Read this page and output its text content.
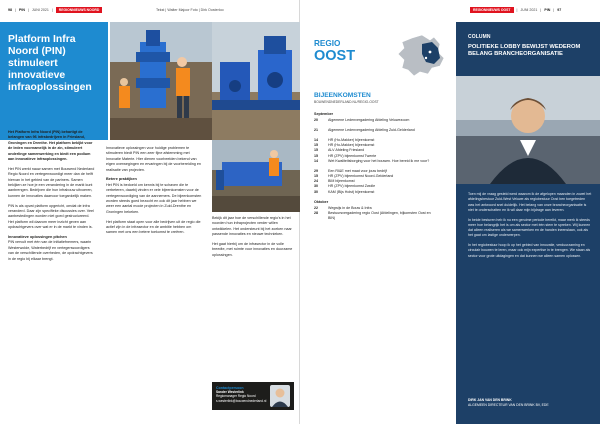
98 | PIN | JUNI 2021 |	REGIONNIEUWS NOORD	Tekst | Walter Majoor Foto | Dirk Oosterloo
Platform Infra Noord (PIN) stimuleert innovatieve infraoplossingen

Het Platform Infra Noord (PIN) behartigt de belangen van 96 infrabedrijven in Friesland, Groningen en Drenthe. Het platform bekijkt voor de leden voornamelijk in de zin, stimuleert onderlinge samenwerking en biedt een podium aan innovatieve infraoplossingen.

Het PIN werkt nauw samen met Bouwend Nederland Regio Noord en vertegenwoordigt meer dan de helft hiervan in het gebied van de partners. Samen bekijken ze hoe je een verandering in de markt kunt aanbrengen. Bedrijven die hun infrabouw uitvoeren, kunnen de innovaties daarvoor toegankelijk maken.

PIN is als opvat platform opgericht, omdat de infra veranderd. Daar zijn specifieke discussies over. Veel aanbestedingen worden niet goed gestructureerd. Het platform wil daarom meer inzicht geven aan opdrachtgevers over wat er in de markt te vinden is.

Innovatieve oplossingen pitchen

PIN vervult met één van de initiatiefnemers, waarin Westerwolde, Waterbedrijf en vertegenwoordigers van de verschillende overheden, de opdrachtgevers in de regio bij elkaar brengt.

Innovatieve oplossingen voor huidige problemen te stimuleren biedt PIN een zeer fijne afstemming met Innovatie Materie. Hier dienen voorbeelden bekend van eigen overwegingen en ervaringen bij de voorbereiding en realisatie van projecten.

Betere praktijken

Het PIN is bedoeld om kennis bij te schaven die te verbeteren, daarbij vinden er vele bijeenkomsten voor de vertegenwoordiging van de aannemers. De bijeenkomsten worden steeds goed bezocht en ook dit jaar hebben we weer een aantal mooie projecten in Zuid-Drenthe en Groningen bekeken.

Het platform staat open voor alle bedrijven uit de regio die actief zijn in de infrasector en de ambitie hebben om samen met ons een betere toekomst te creëren.

Bekijk dit jaar hoe de verschillende regio's in het noorden hun infraprojecten verder willen ontwikkelen. Het ondersteunt bij het zoeken naar passende innovaties en nieuwe technieken.

Het gaat hierbij om de infrasector in de volle breedte, met ruimte voor innovaties en duurzame oplossingen.

Contactpersoon
Sander Westerlink
Regiomanager Regio Noord
s.westerlink@bouwendnederland.nl
REGIONNIEUWS OOST	| JUNI 2021 | PIN | 97
REGIO
OOST
BIJEENKOMSTEN
BOUWENDNEDERLAND.NL/REGIO-OOST
September
20	Algemene Ledenvergadering Afdeling Veluwezoom
21	Algemene Ledenvergadering Afdeling Zuid-Gelderland
14	HR (Ho-Makker) bijeenkomst
15	HR (Ho-Makker) bijeenkomst
15	ALV Afdeling Friesland
15	HR (ZPV) bijeenkomst Twente
14	Wet Kwaliteitsborging voor het bouwen. Hoe bereid ik me voor?
29	Een RI&E met maat voor jouw bedrijf
15	HR (ZPV) bijeenkomst Noord-Gelderland
24	BIM bijeenkomst
30	HR (ZPV) bijeenkomst Zwolle
30	KAM (Bijs Holst) bijeenkomst
Oktober
22	Wegwijs in de Bouw & Infra
28	Bestuursvergadering regio Oost (Afdelingen, bijkomsten Oost en BIN)
COLUMN
POLITIEKE LOBBY BEWIJST WEDEROM BELANG BRANCHEORGANISATIE

Toen mij de vraag gesteld werd waarom ik de afgelopen maanden in zowel het afdelingsbestuur Zuid-West Veluwe als regiobestuur Oost ben toegetreden was het antwoord snel duidelijk. Het belang van onze brancheorganisatie is niet te onderschatten en ik wil daar mijn bijdrage aan leveren.

In beide besturen heb ik nu een geruime periode bereikt, maar merk ik steeds meer hoe belangrijk het is om als sector met één stem te spreken. Wij kunnen dat alleen realiseren als we samenwerken en de handen ineenslaan, ook als het gaat om lastige onderwerpen.

In het regiobestuur hoop ik op het gebied van innovatie, verduurzaming en circulair bouwen te leren, maar ook mijn expertise in te brengen. We staan als sector voor grote uitdagingen en dat kunnen we alleen samen oplossen.

DIRK JAN VAN DEN BRINK
ALGEMEEN DIRECTEUR VAN DEN BRINK BV, EDE
